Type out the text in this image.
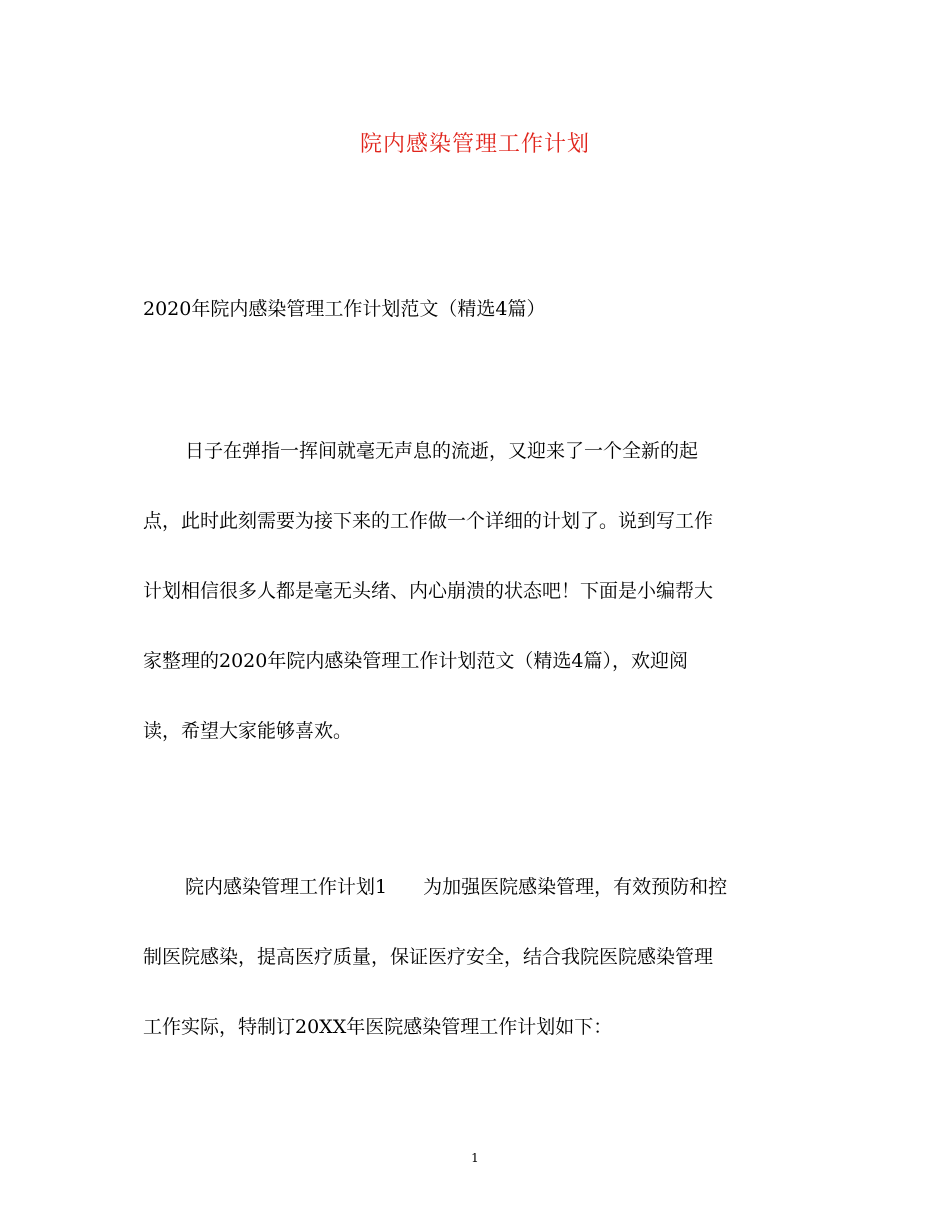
院内感染管理工作计划
2020年院内感染管理工作计划范文（精选4篇）
日子在弹指一挥间就毫无声息的流逝，又迎来了一个全新的起
点，此时此刻需要为接下来的工作做一个详细的计划了。说到写工作
计划相信很多人都是毫无头绪、内心崩溃的状态吧！下面是小编帮大
家整理的2020年院内感染管理工作计划范文（精选4篇），欢迎阅
读，希望大家能够喜欢。
院内感染管理工作计划1 为加强医院感染管理，有效预防和控
制医院感染，提高医疗质量，保证医疗安全，结合我院医院感染管理
工作实际，特制订20XX年医院感染管理工作计划如下：
1
